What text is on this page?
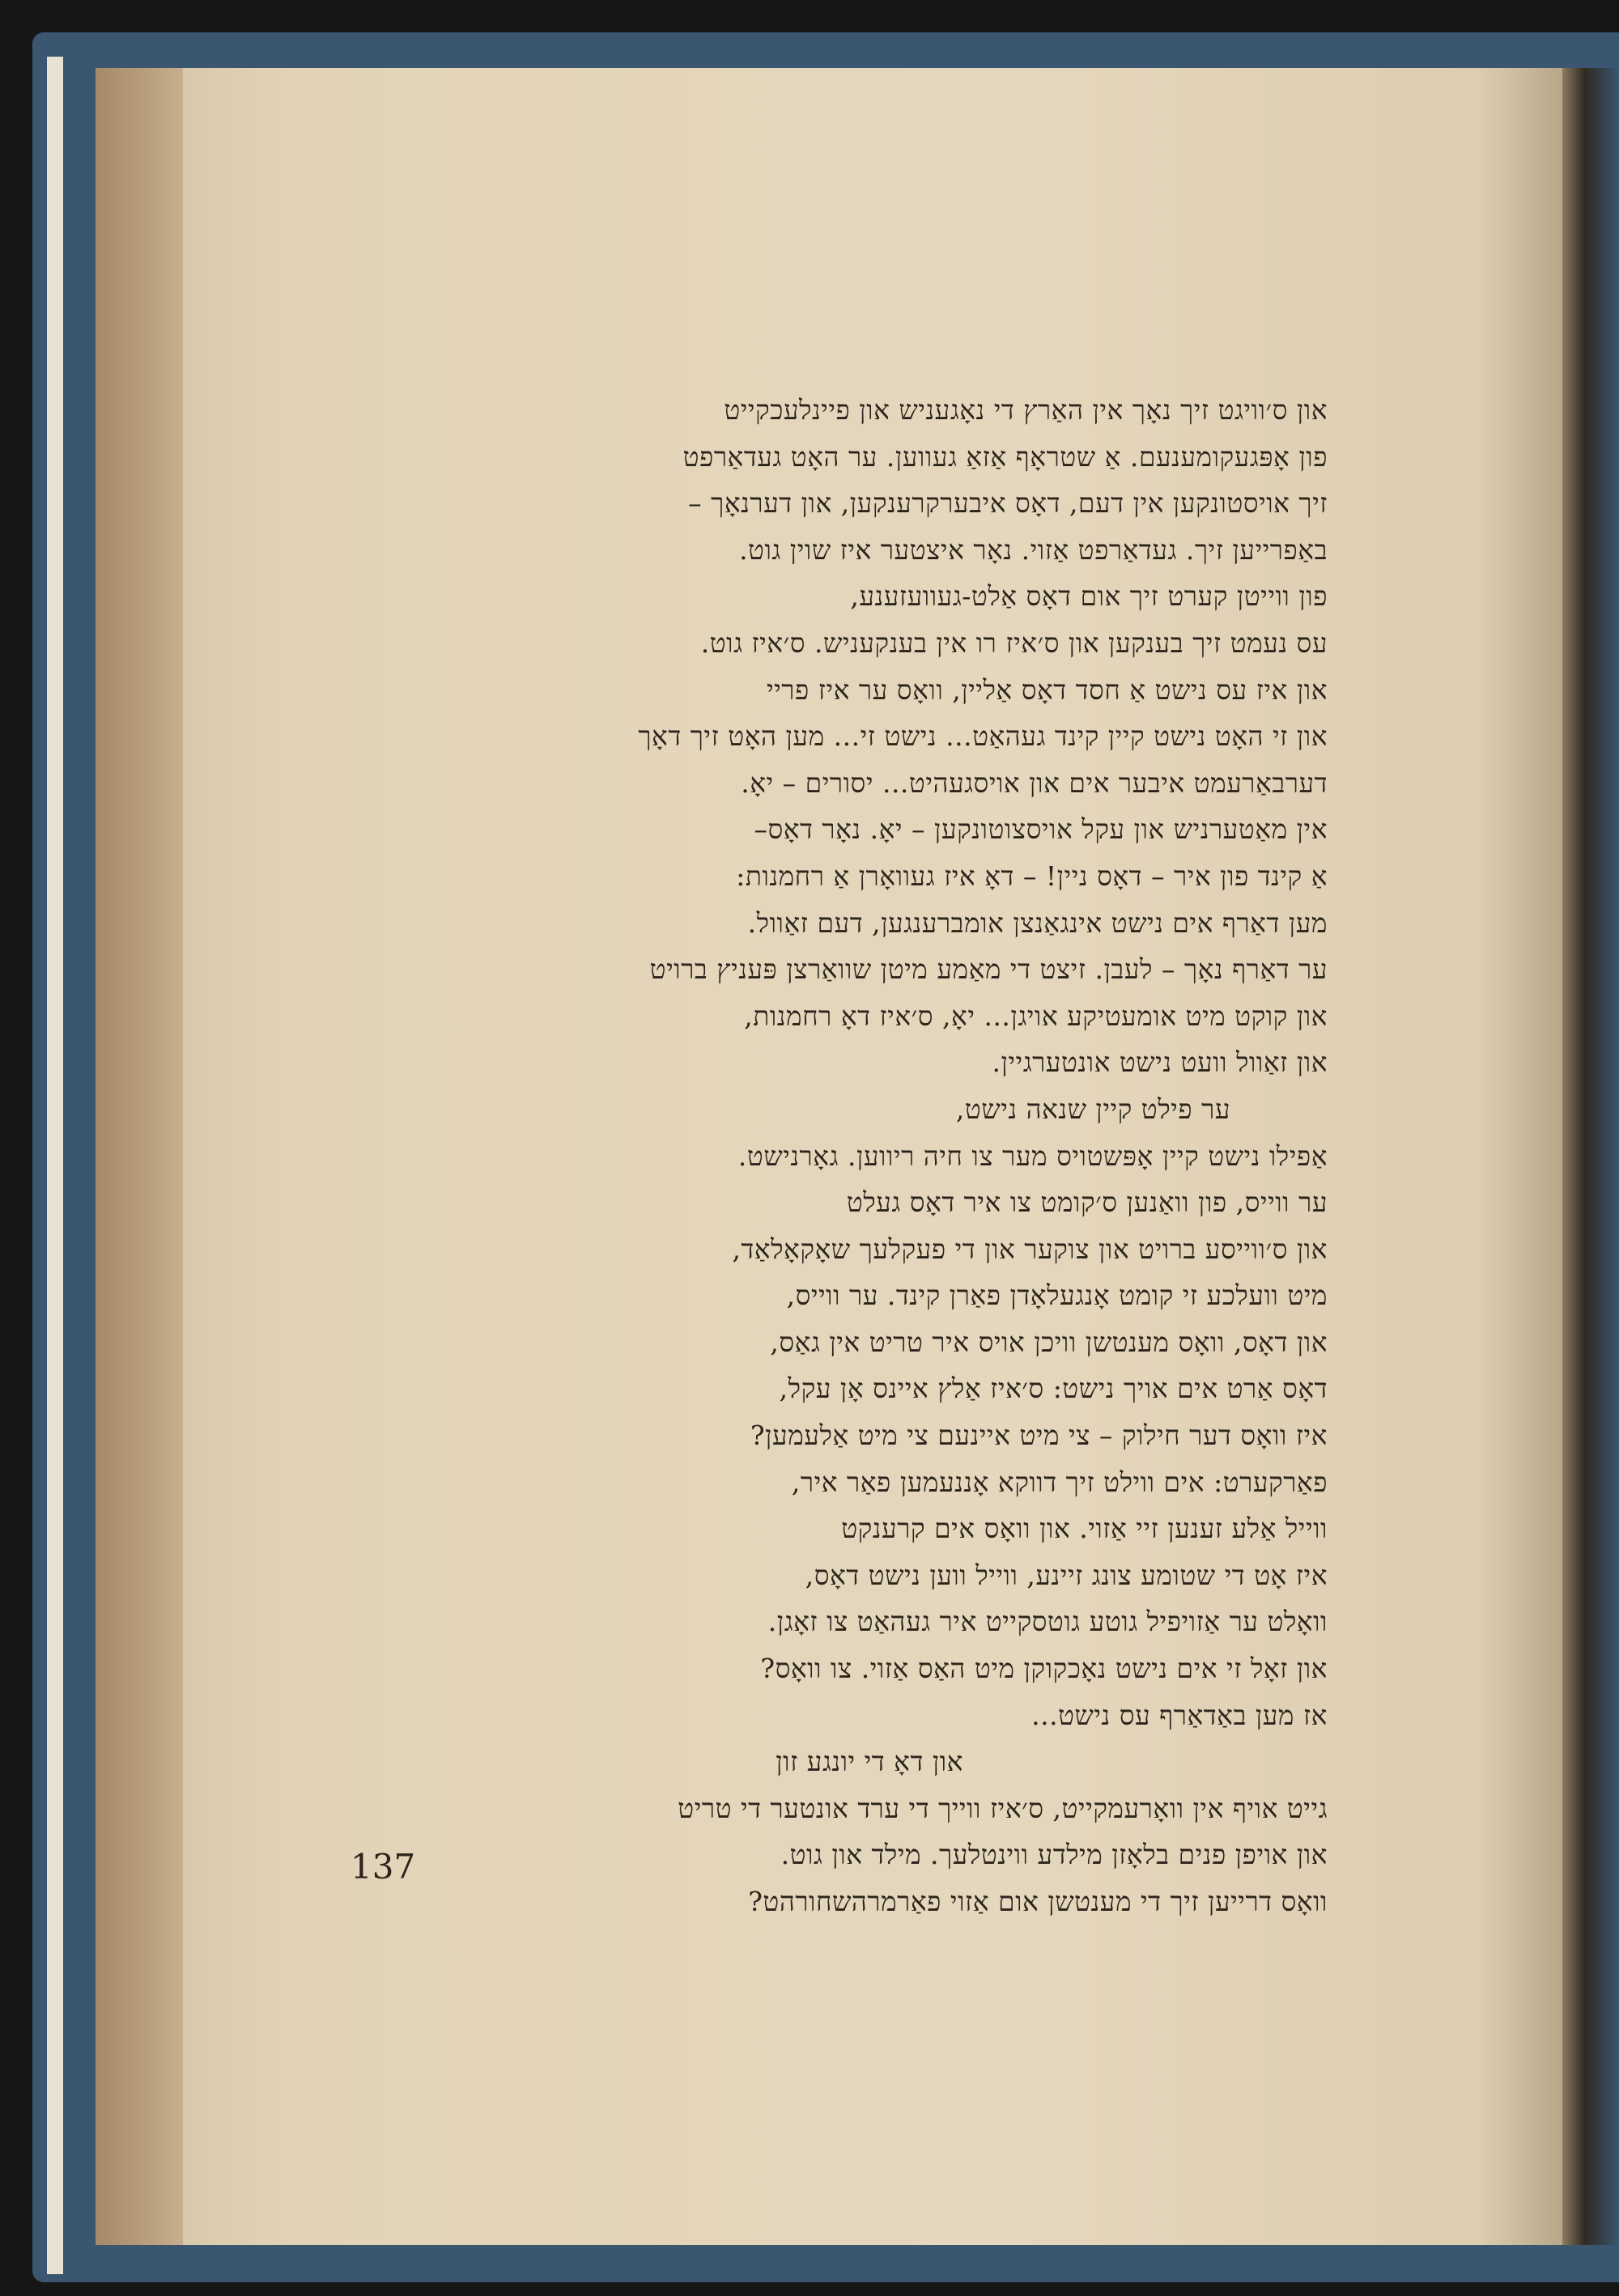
און ס׳וויגט זיך נאָך אין האַרץ די נאָגעניש און פיינלעכקייט
פון אָפּגעקומענעם. אַ שטראָף אַזאַ געווען. ער האָט געדאַרפט
זיך אויסטונקען אין דעם, דאָס איבערקרענקען, און דערנאָך –
באַפרייען זיך. געדאַרפט אַזוי. נאָר איצטער איז שוין גוט.
פון ווייטן קערט זיך אום דאָס אַלט-געוועזענע,
עס נעמט זיך בענקען און ס׳איז רו אין בענקעניש. ס׳איז גוט.
און איז עס נישט אַ חסד דאָס אַליין, וואָס ער איז פריי
און זי האָט נישט קיין קינד געהאַט... נישט זי... מען האָט זיך דאָך
דערבאַרעמט איבער אים און אויסגעהיט... יסורים – יאָ.
אין מאַטערניש און עקל אויסצוטונקען – יאָ. נאָר דאָס–
אַ קינד פון איר – דאָס ניין! – דאָ איז געוואָרן אַ רחמנות:
מען דאַרף אים נישט אינגאַנצן אומברענגען, דעם זאַוול.
ער דאַרף נאָך – לעבן. זיצט די מאַמע מיטן שוואַרצן פּעניץ ברויט
און קוקט מיט אומעטיקע אויגן... יאָ, ס׳איז דאָ רחמנות,
און זאַוול וועט נישט אונטערגיין.
ער פילט קיין שנאה נישט,
אַפילו נישט קיין אָפּשטויס מער צו חיה ריווען. גאָרנישט.
ער ווייס, פון וואַנען ס׳קומט צו איר דאָס געלט
און ס׳ווייסע ברויט און צוקער און די פעקלעך שאָקאָלאַד,
מיט וועלכע זי קומט אָנגעלאָדן פאַרן קינד. ער ווייס,
און דאָס, וואָס מענטשן וויכן אויס איר טריט אין גאַס,
דאָס אַרט אים אויך נישט: ס׳איז אַלץ איינס אָן עקל,
איז וואָס דער חילוק – צי מיט איינעם צי מיט אַלעמען?
פאַרקערט: אים ווילט זיך דווקא אָננעמען פאַר איר,
ווייל אַלע זענען זיי אַזוי. און וואָס אים קרענקט
איז אָט די שטומע צונג זיינע, ווייל ווען נישט דאָס,
וואָלט ער אַזויפיל גוטע גוטסקייט איר געהאַט צו זאָגן.
און זאָל זי אים נישט נאָכקוקן מיט האַס אַזוי. צו וואָס?
אז מען באַדאַרף עס נישט...
און דאָ די יונגע זון
גייט אויף אין וואָרעמקייט, ס׳איז ווייך די ערד אונטער די טריט
און אויפן פנים בלאָזן מילדע ווינטלעך. מילד און גוט.
וואָס דרייען זיך די מענטשן אום אַזוי פאַרמרהשחורהט?
137
